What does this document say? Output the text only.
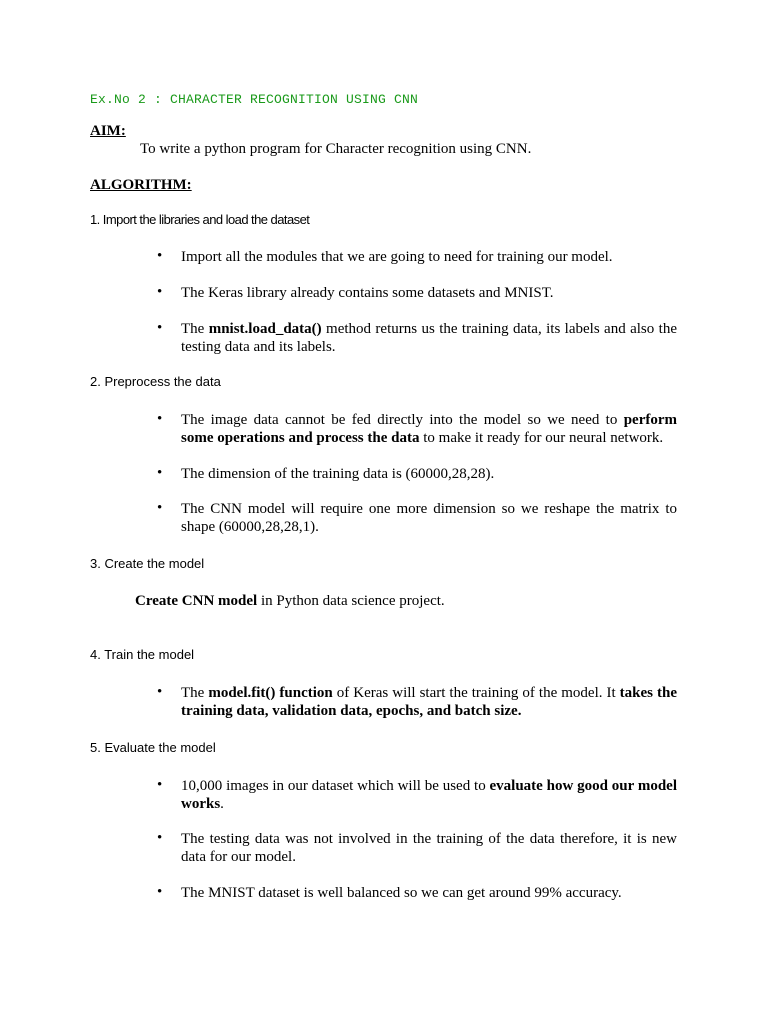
Ex.No 2 : CHARACTER RECOGNITION USING CNN
AIM:
To write a python program for Character recognition using CNN.
ALGORITHM:
1. Import the libraries and load the dataset
• Import all the modules that we are going to need for training our model.
• The Keras library already contains some datasets and MNIST.
• The mnist.load_data() method returns us the training data, its labels and also the testing data and its labels.
2. Preprocess the data
• The image data cannot be fed directly into the model so we need to perform some operations and process the data to make it ready for our neural network.
• The dimension of the training data is (60000,28,28).
• The CNN model will require one more dimension so we reshape the matrix to shape (60000,28,28,1).
3. Create the model
Create CNN model in Python data science project.
4. Train the model
• The model.fit() function of Keras will start the training of the model. It takes the training data, validation data, epochs, and batch size.
5. Evaluate the model
• 10,000 images in our dataset which will be used to evaluate how good our model works.
• The testing data was not involved in the training of the data therefore, it is new data for our model.
• The MNIST dataset is well balanced so we can get around 99% accuracy.
